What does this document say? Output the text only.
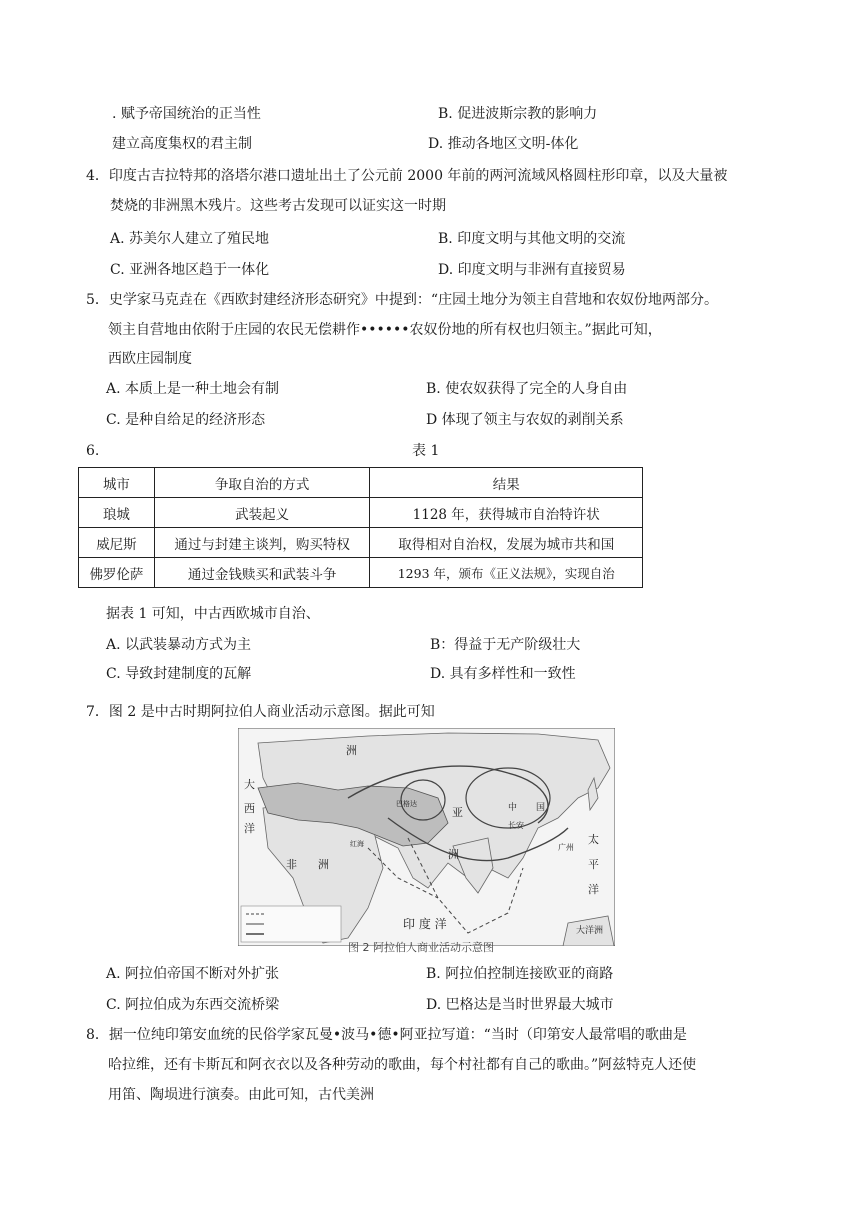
. 赋予帝国统治的正当性	B. 促进波斯宗教的影响力
建立高度集权的君主制	D. 推动各地区文明-体化
4．印度古吉拉特邦的洛塔尔港口遗址出土了公元前 2000 年前的两河流域风格圆柱形印章，以及大量被
焚烧的非洲黑木残片。这些考古发现可以证实这一时期
A. 苏美尔人建立了殖民地	B. 印度文明与其他文明的交流
C. 亚洲各地区趋于一体化	D. 印度文明与非洲有直接贸易
5．史学家马克垚在《西欧封建经济形态研究》中提到：“庄园土地分为领主自营地和农奴份地两部分。
领主自营地由依附于庄园的农民无偿耕作••••••农奴份地的所有权也归领主。”据此可知，
西欧庄园制度
A. 本质上是一种土地会有制	B. 使农奴获得了完全的人身自由
C. 是种自给足的经济形态	D 体现了领主与农奴的剥削关系
6.	表 1
城市	争取自治的方式	结果
琅城	武装起义	1128 年，获得城市自治特许状
威尼斯	通过与封建主谈判，购买特权	取得相对自治权，发展为城市共和国
佛罗伦萨	通过金钱赎买和武装斗争	1293 年，颁布《正义法规》，实现自治
据表 1 可知，中古西欧城市自治、
A. 以武装暴动方式为主	B：得益于无产阶级壮大
C. 导致封建制度的瓦解	D. 具有多样性和一致性
7．图 2 是中古时期阿拉伯人商业活动示意图。据此可知
洲
大
西
洋
非 洲
亚
洲
中 国
长安
广州
太
平
洋
印 度 洋	大洋洲
巴格达
红海
图 2 阿拉伯人商业活动示意图
A. 阿拉伯帝国不断对外扩张	B. 阿拉伯控制连接欧亚的商路
C. 阿拉伯成为东西交流桥梁	D. 巴格达是当时世界最大城市
8．据一位纯印第安血统的民俗学家瓦曼•波马•德•阿亚拉写道：“当时（印第安人最常唱的歌曲是
哈拉维，还有卡斯瓦和阿衣衣以及各种劳动的歌曲，每个村社都有自己的歌曲。”阿兹特克人还使
用笛、陶埙进行演奏。由此可知，古代美洲
